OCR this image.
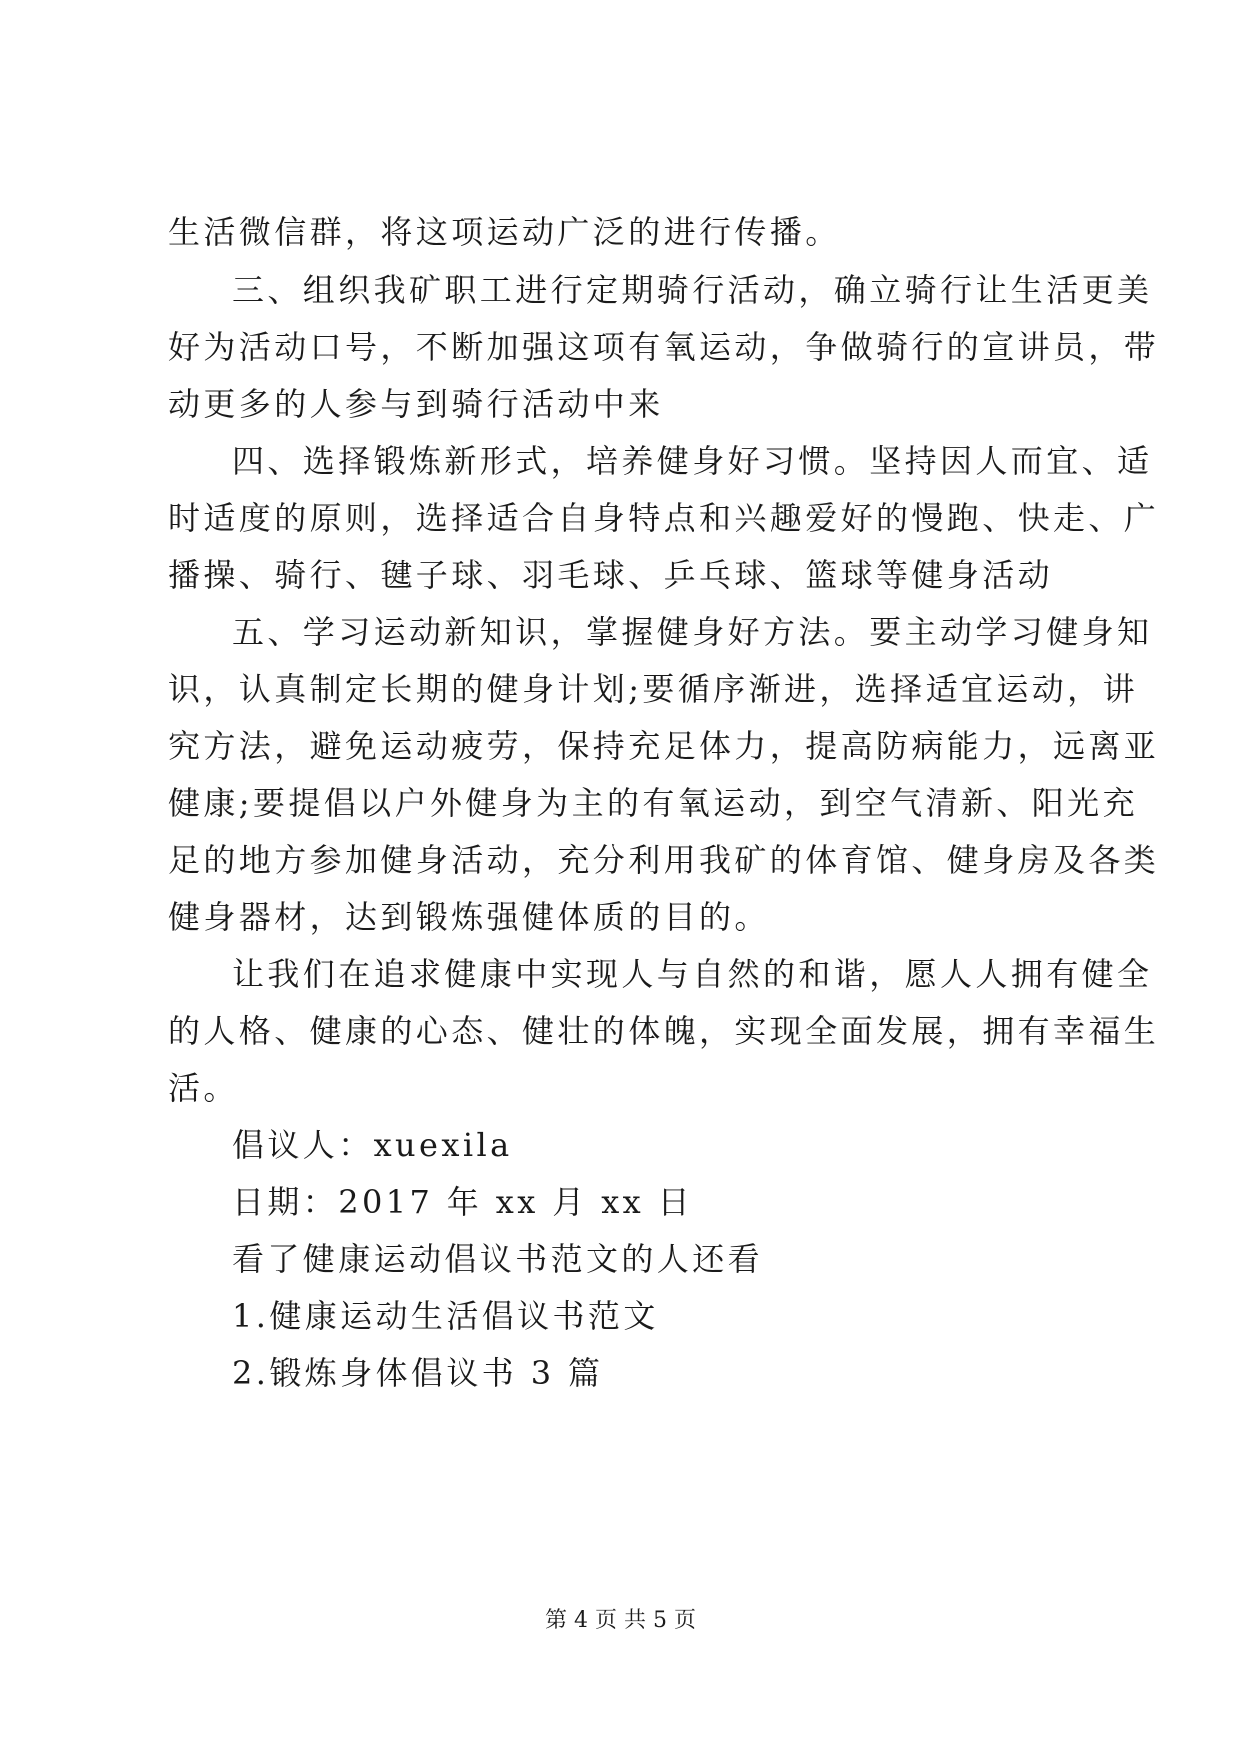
生活微信群，将这项运动广泛的进行传播。
三、组织我矿职工进行定期骑行活动，确立骑行让生活更美
好为活动口号，不断加强这项有氧运动，争做骑行的宣讲员，带
动更多的人参与到骑行活动中来
四、选择锻炼新形式，培养健身好习惯。坚持因人而宜、适
时适度的原则，选择适合自身特点和兴趣爱好的慢跑、快走、广
播操、骑行、毽子球、羽毛球、乒乓球、篮球等健身活动
五、学习运动新知识，掌握健身好方法。要主动学习健身知
识，认真制定长期的健身计划;要循序渐进，选择适宜运动，讲
究方法，避免运动疲劳，保持充足体力，提高防病能力，远离亚
健康;要提倡以户外健身为主的有氧运动，到空气清新、阳光充
足的地方参加健身活动，充分利用我矿的体育馆、健身房及各类
健身器材，达到锻炼强健体质的目的。
让我们在追求健康中实现人与自然的和谐，愿人人拥有健全
的人格、健康的心态、健壮的体魄，实现全面发展，拥有幸福生
活。
倡议人：xuexila
日期：2017 年 xx 月 xx 日
看了健康运动倡议书范文的人还看
1.健康运动生活倡议书范文
2.锻炼身体倡议书 3 篇
第 4 页 共 5 页
